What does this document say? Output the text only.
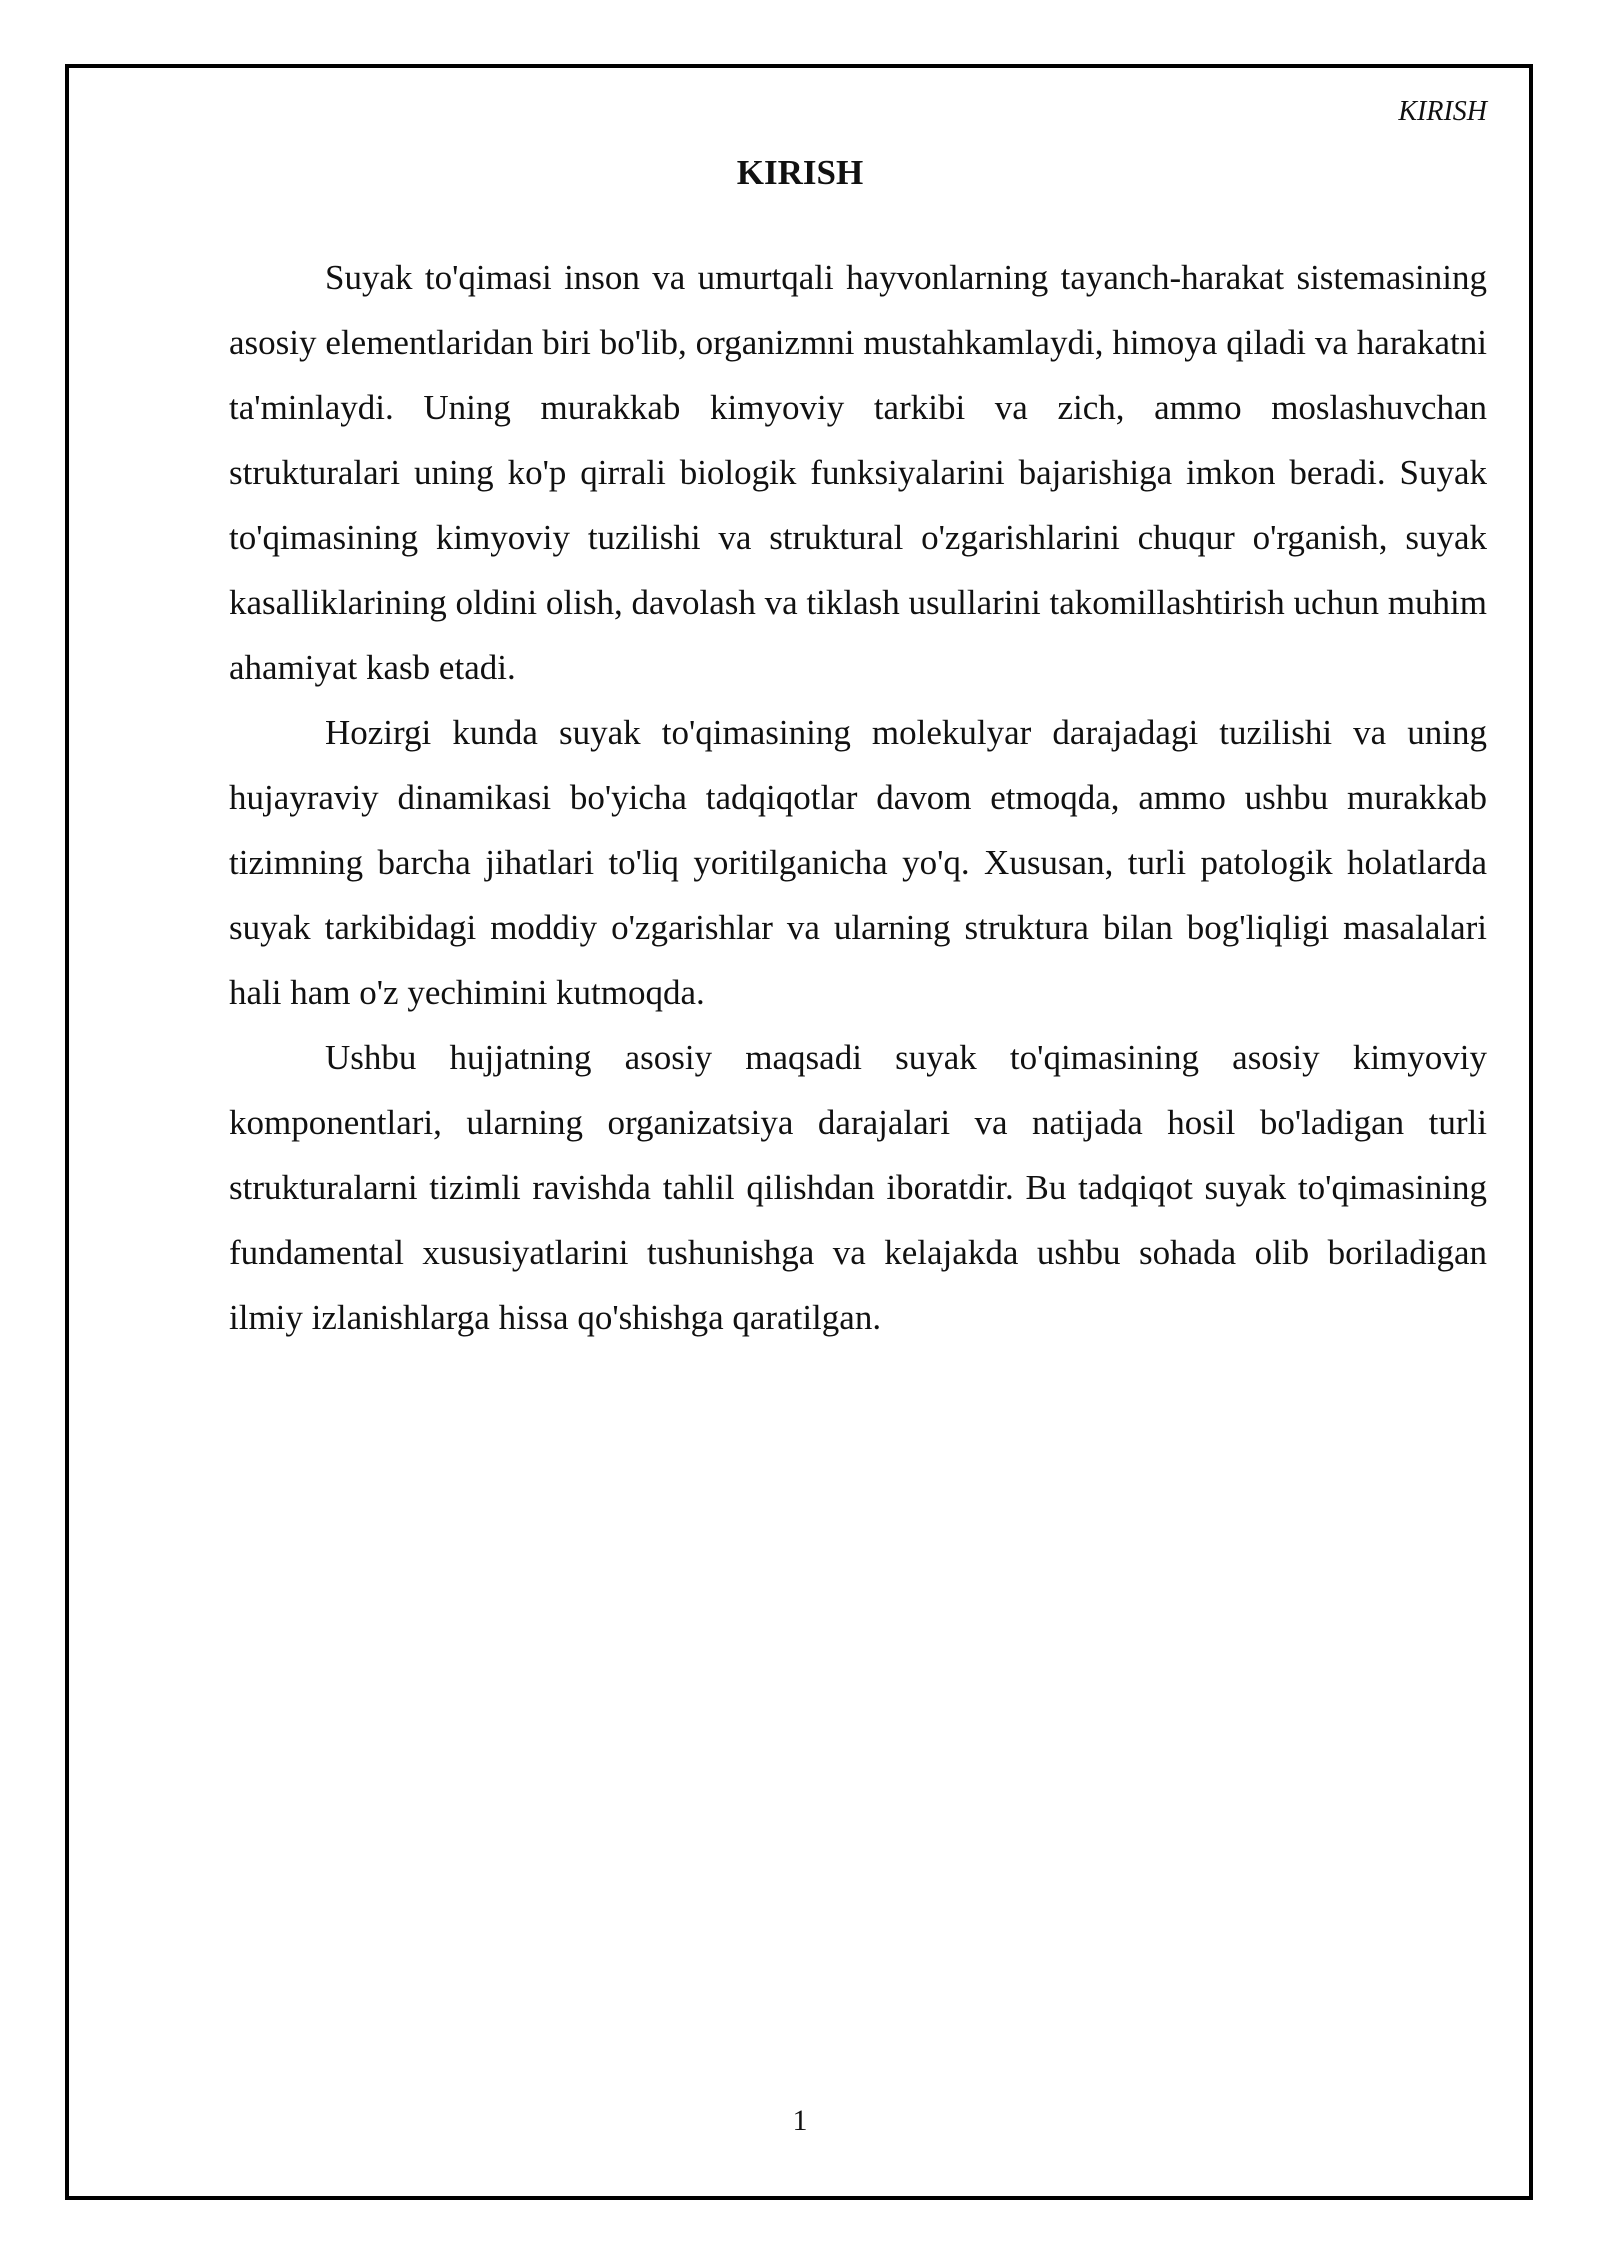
KIRISH
KIRISH

Suyak to'qimasi inson va umurtqali hayvonlarning tayanch-harakat sistemasining asosiy elementlaridan biri bo'lib, organizmni mustahkamlaydi, himoya qiladi va harakatni ta'minlaydi. Uning murakkab kimyoviy tarkibi va zich, ammo moslashuvchan strukturalari uning ko'p qirrali biologik funksiyalarini bajarishiga imkon beradi. Suyak to'qimasining kimyoviy tuzilishi va struktural o'zgarishlarini chuqur o'rganish, suyak kasalliklarining oldini olish, davolash va tiklash usullarini takomillashtirish uchun muhim ahamiyat kasb etadi.

Hozirgi kunda suyak to'qimasining molekulyar darajadagi tuzilishi va uning hujayraviy dinamikasi bo'yicha tadqiqotlar davom etmoqda, ammo ushbu murakkab tizimning barcha jihatlari to'liq yoritilganicha yo'q. Xususan, turli patologik holatlarda suyak tarkibidagi moddiy o'zgarishlar va ularning struktura bilan bog'liqligi masalalari hali ham o'z yechimini kutmoqda.

Ushbu hujjatning asosiy maqsadi suyak to'qimasining asosiy kimyoviy komponentlari, ularning organizatsiya darajalari va natijada hosil bo'ladigan turli strukturalarni tizimli ravishda tahlil qilishdan iboratdir. Bu tadqiqot suyak to'qimasining fundamental xususiyatlarini tushunishga va kelajakda ushbu sohada olib boriladigan ilmiy izlanishlarga hissa qo'shishga qaratilgan.

1
